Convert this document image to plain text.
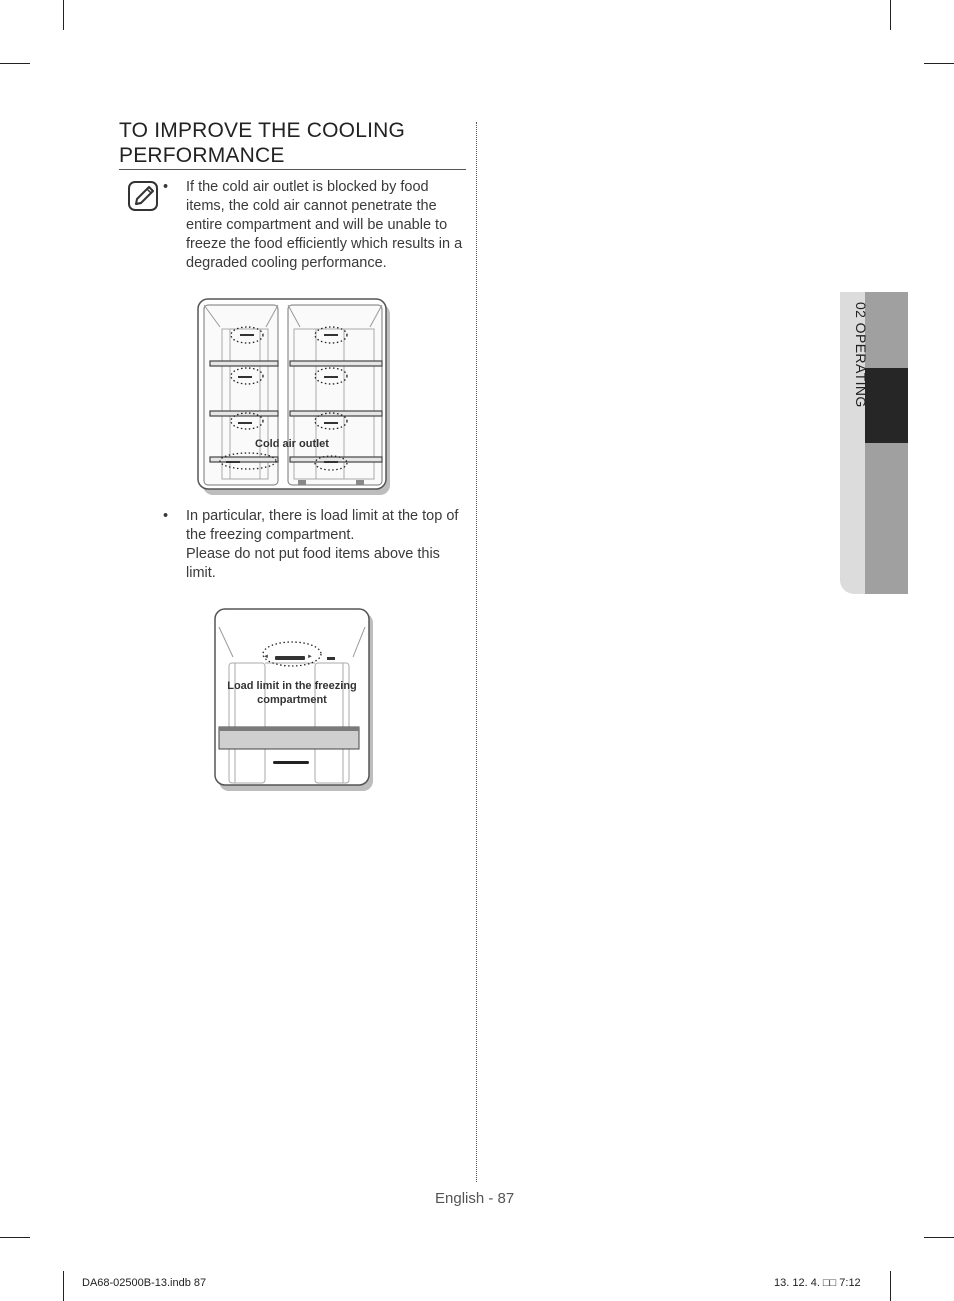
TO IMPROVE THE COOLING PERFORMANCE
• If the cold air outlet is blocked by food items, the cold air cannot penetrate the entire compartment and will be unable to freeze the food efficiently which results in a degraded cooling performance.
Cold air outlet
• In particular, there is load limit at the top of the freezing compartment.
Please do not put food items above this limit.
◄	►
Load limit in the freezing
compartment
02 OPERATING
English - 87
DA68-02500B-13.indb 87	13. 12. 4. □□ 7:12
